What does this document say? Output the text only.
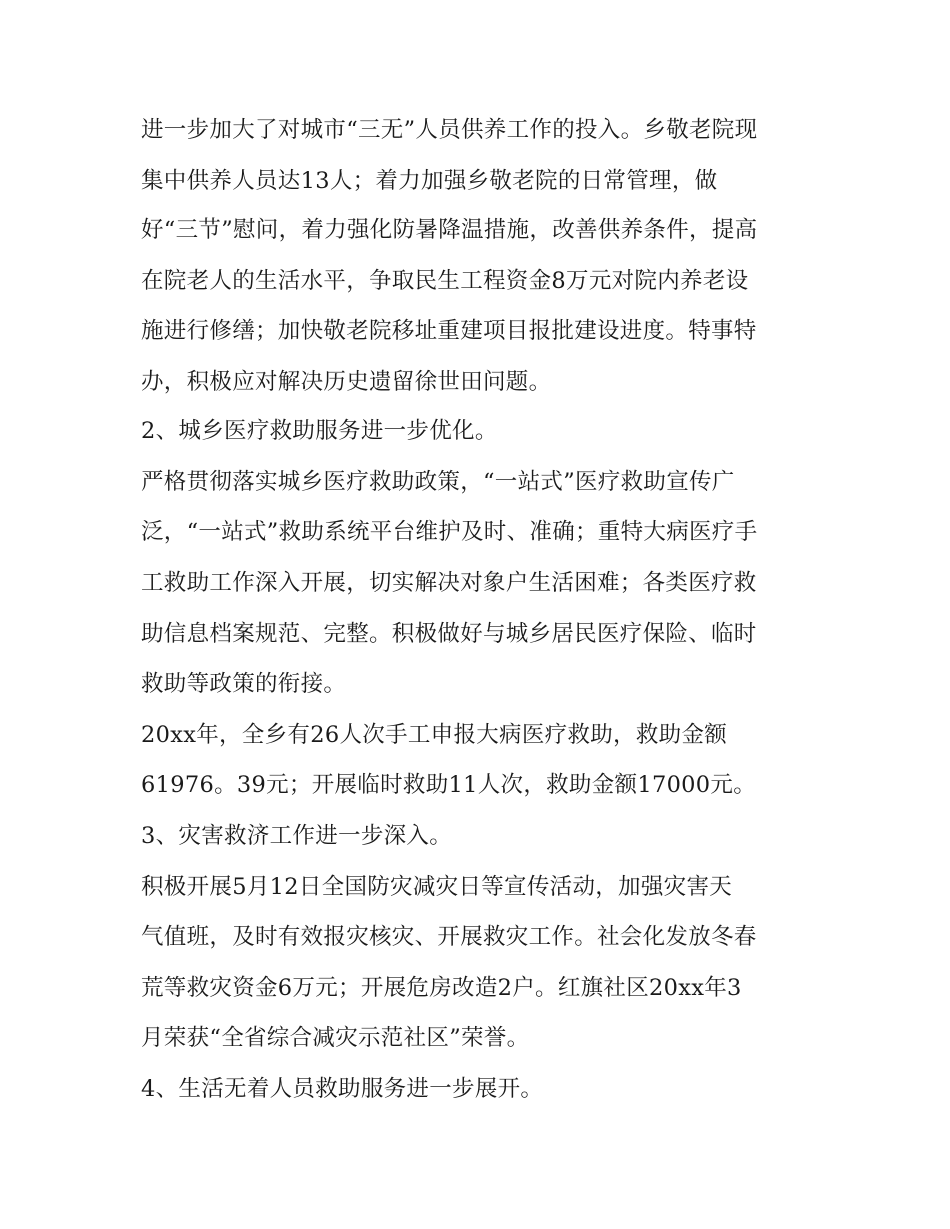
进一步加大了对城市“三无”人员供养工作的投入。乡敬老院现
集中供养人员达13人；着力加强乡敬老院的日常管理，做
好“三节”慰问，着力强化防暑降温措施，改善供养条件，提高
在院老人的生活水平，争取民生工程资金8万元对院内养老设
施进行修缮；加快敬老院移址重建项目报批建设进度。特事特
办，积极应对解决历史遗留徐世田问题。
2、城乡医疗救助服务进一步优化。
严格贯彻落实城乡医疗救助政策，“一站式”医疗救助宣传广
泛，“一站式”救助系统平台维护及时、准确；重特大病医疗手
工救助工作深入开展，切实解决对象户生活困难；各类医疗救
助信息档案规范、完整。积极做好与城乡居民医疗保险、临时
救助等政策的衔接。
20xx年，全乡有26人次手工申报大病医疗救助，救助金额
61976。39元；开展临时救助11人次，救助金额17000元。
3、灾害救济工作进一步深入。
积极开展5月12日全国防灾减灾日等宣传活动，加强灾害天
气值班，及时有效报灾核灾、开展救灾工作。社会化发放冬春
荒等救灾资金6万元；开展危房改造2户。红旗社区20xx年3
月荣获“全省综合减灾示范社区”荣誉。
4、生活无着人员救助服务进一步展开。
